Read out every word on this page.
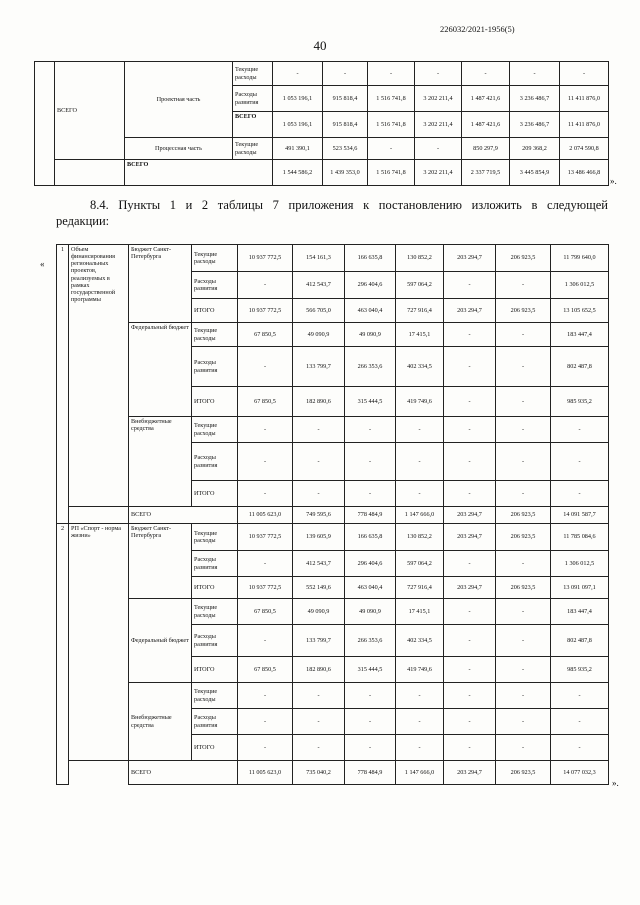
226032/2021-1956(5)
40
	ВСЕГО	Проектная часть	Текущие расходы	-	-	-	-	-	-	-
			Расходы развития	1 053 196,1	915 818,4	1 516 741,8	3 202 211,4	1 487 421,6	3 236 486,7	11 411 876,0
			ВСЕГО	1 053 196,1	915 818,4	1 516 741,8	3 202 211,4	1 487 421,6	3 236 486,7	11 411 876,0
		Процессная часть	Текущие расходы	491 390,1	523 534,6	-	-	850 297,9	209 368,2	2 074 590,8
		ВСЕГО		1 544 586,2	1 439 353,0	1 516 741,8	3 202 211,4	2 337 719,5	3 445 854,9	13 486 466,8
».
8.4. Пункты 1 и 2 таблицы 7 приложения к постановлению изложить в следующей
редакции:
«
1	Объем финансирования региональных проектов, реализуемых в рамках государственной программы	Бюджет Санкт-Петербурга	Текущие расходы	10 937 772,5	154 161,3	166 635,8	130 852,2	203 294,7	206 923,5	11 799 640,0
			Расходы развития	-	412 543,7	296 404,6	597 064,2	-	-	1 306 012,5
			ИТОГО	10 937 772,5	566 705,0	463 040,4	727 916,4	203 294,7	206 923,5	13 105 652,5
		Федеральный бюджет	Текущие расходы	67 850,5	49 090,9	49 090,9	17 415,1	-	-	183 447,4
			Расходы развития	-	133 799,7	266 353,6	402 334,5	-	-	802 487,8
			ИТОГО	67 850,5	182 890,6	315 444,5	419 749,6	-	-	985 935,2
		Внебюджетные средства	Текущие расходы	-	-	-	-	-	-	-
			Расходы развития	-	-	-	-	-	-	-
			ИТОГО	-	-	-	-	-	-	-
		ВСЕГО		11 005 623,0	749 595,6	778 484,9	1 147 666,0	203 294,7	206 923,5	14 091 587,7
2	РП «Спорт - норма жизни»	Бюджет Санкт-Петербурга	Текущие расходы	10 937 772,5	139 605,9	166 635,8	130 852,2	203 294,7	206 923,5	11 785 084,6
			Расходы развития	-	412 543,7	296 404,6	597 064,2	-	-	1 306 012,5
			ИТОГО	10 937 772,5	552 149,6	463 040,4	727 916,4	203 294,7	206 923,5	13 091 097,1
		Федеральный бюджет	Текущие расходы	67 850,5	49 090,9	49 090,9	17 415,1	-	-	183 447,4
			Расходы развития	-	133 799,7	266 353,6	402 334,5	-	-	802 487,8
			ИТОГО	67 850,5	182 890,6	315 444,5	419 749,6	-	-	985 935,2
		Внебюджетные средства	Текущие расходы	-	-	-	-	-	-	-
			Расходы развития	-	-	-	-	-	-	-
			ИТОГО	-	-	-	-	-	-	-
		ВСЕГО		11 005 623,0	735 040,2	778 484,9	1 147 666,0	203 294,7	206 923,5	14 077 032,3
».
